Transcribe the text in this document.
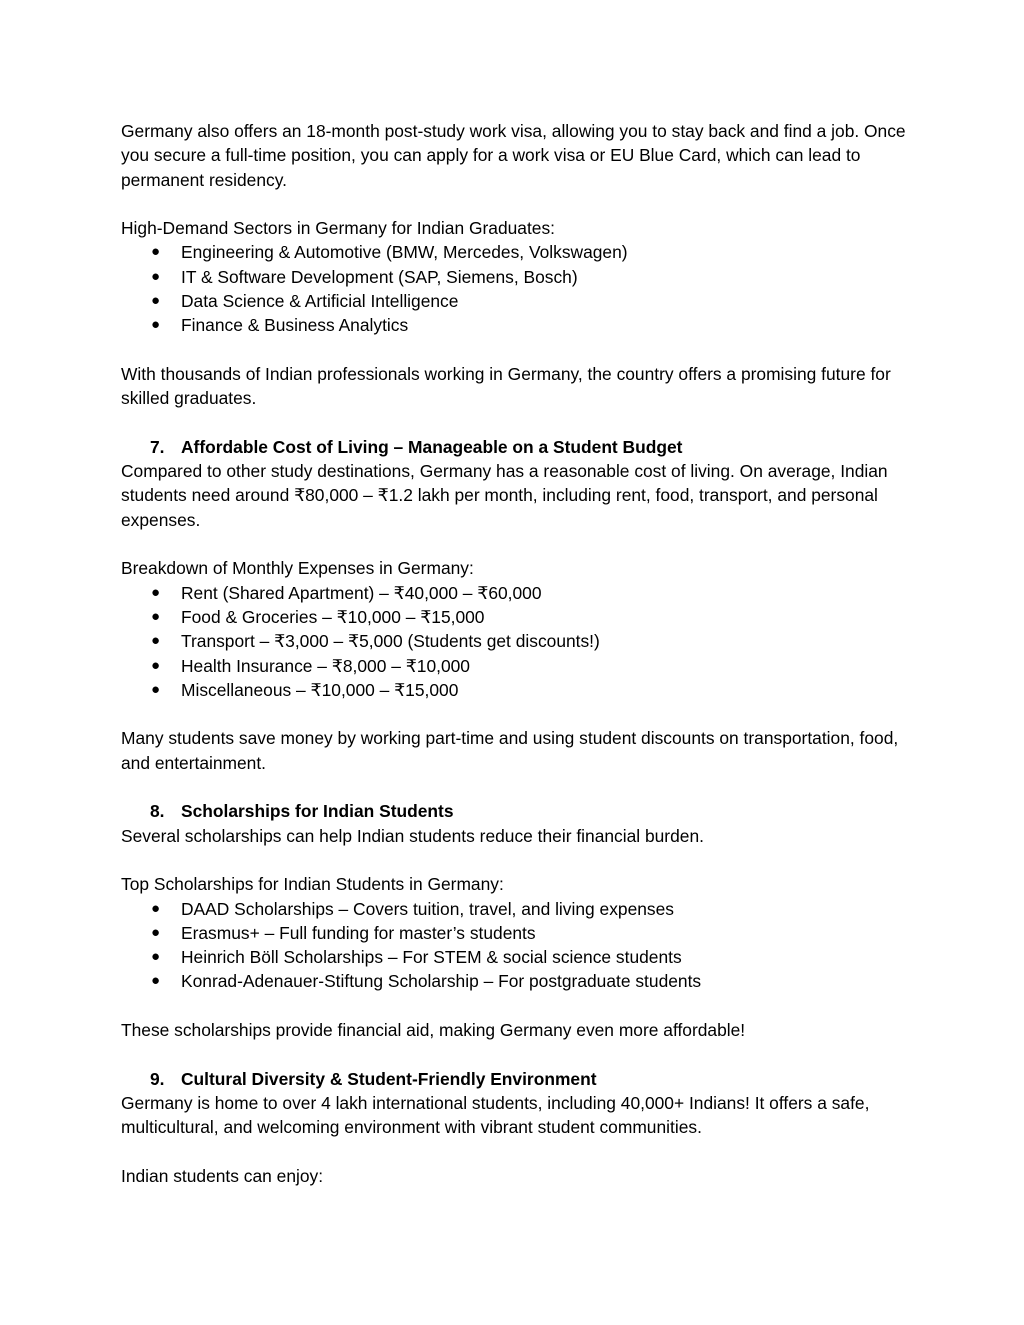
Germany also offers an 18-month post-study work visa, allowing you to stay back and find a job. Once you secure a full-time position, you can apply for a work visa or EU Blue Card, which can lead to permanent residency.

High-Demand Sectors in Germany for Indian Graduates:

●	Engineering & Automotive (BMW, Mercedes, Volkswagen)
●	IT & Software Development (SAP, Siemens, Bosch)
●	Data Science & Artificial Intelligence
●	Finance & Business Analytics

With thousands of Indian professionals working in Germany, the country offers a promising future for skilled graduates.

7. Affordable Cost of Living – Manageable on a Student Budget

Compared to other study destinations, Germany has a reasonable cost of living. On average, Indian students need around ₹80,000 – ₹1.2 lakh per month, including rent, food, transport, and personal expenses.

Breakdown of Monthly Expenses in Germany:

●	Rent (Shared Apartment) – ₹40,000 – ₹60,000
●	Food & Groceries – ₹10,000 – ₹15,000
●	Transport – ₹3,000 – ₹5,000 (Students get discounts!)
●	Health Insurance – ₹8,000 – ₹10,000
●	Miscellaneous – ₹10,000 – ₹15,000

Many students save money by working part-time and using student discounts on transportation, food, and entertainment.

8. Scholarships for Indian Students

Several scholarships can help Indian students reduce their financial burden.

Top Scholarships for Indian Students in Germany:

●	DAAD Scholarships – Covers tuition, travel, and living expenses
●	Erasmus+ – Full funding for master’s students
●	Heinrich Böll Scholarships – For STEM & social science students
●	Konrad-Adenauer-Stiftung Scholarship – For postgraduate students

These scholarships provide financial aid, making Germany even more affordable!

9. Cultural Diversity & Student-Friendly Environment

Germany is home to over 4 lakh international students, including 40,000+ Indians! It offers a safe, multicultural, and welcoming environment with vibrant student communities.

Indian students can enjoy:
